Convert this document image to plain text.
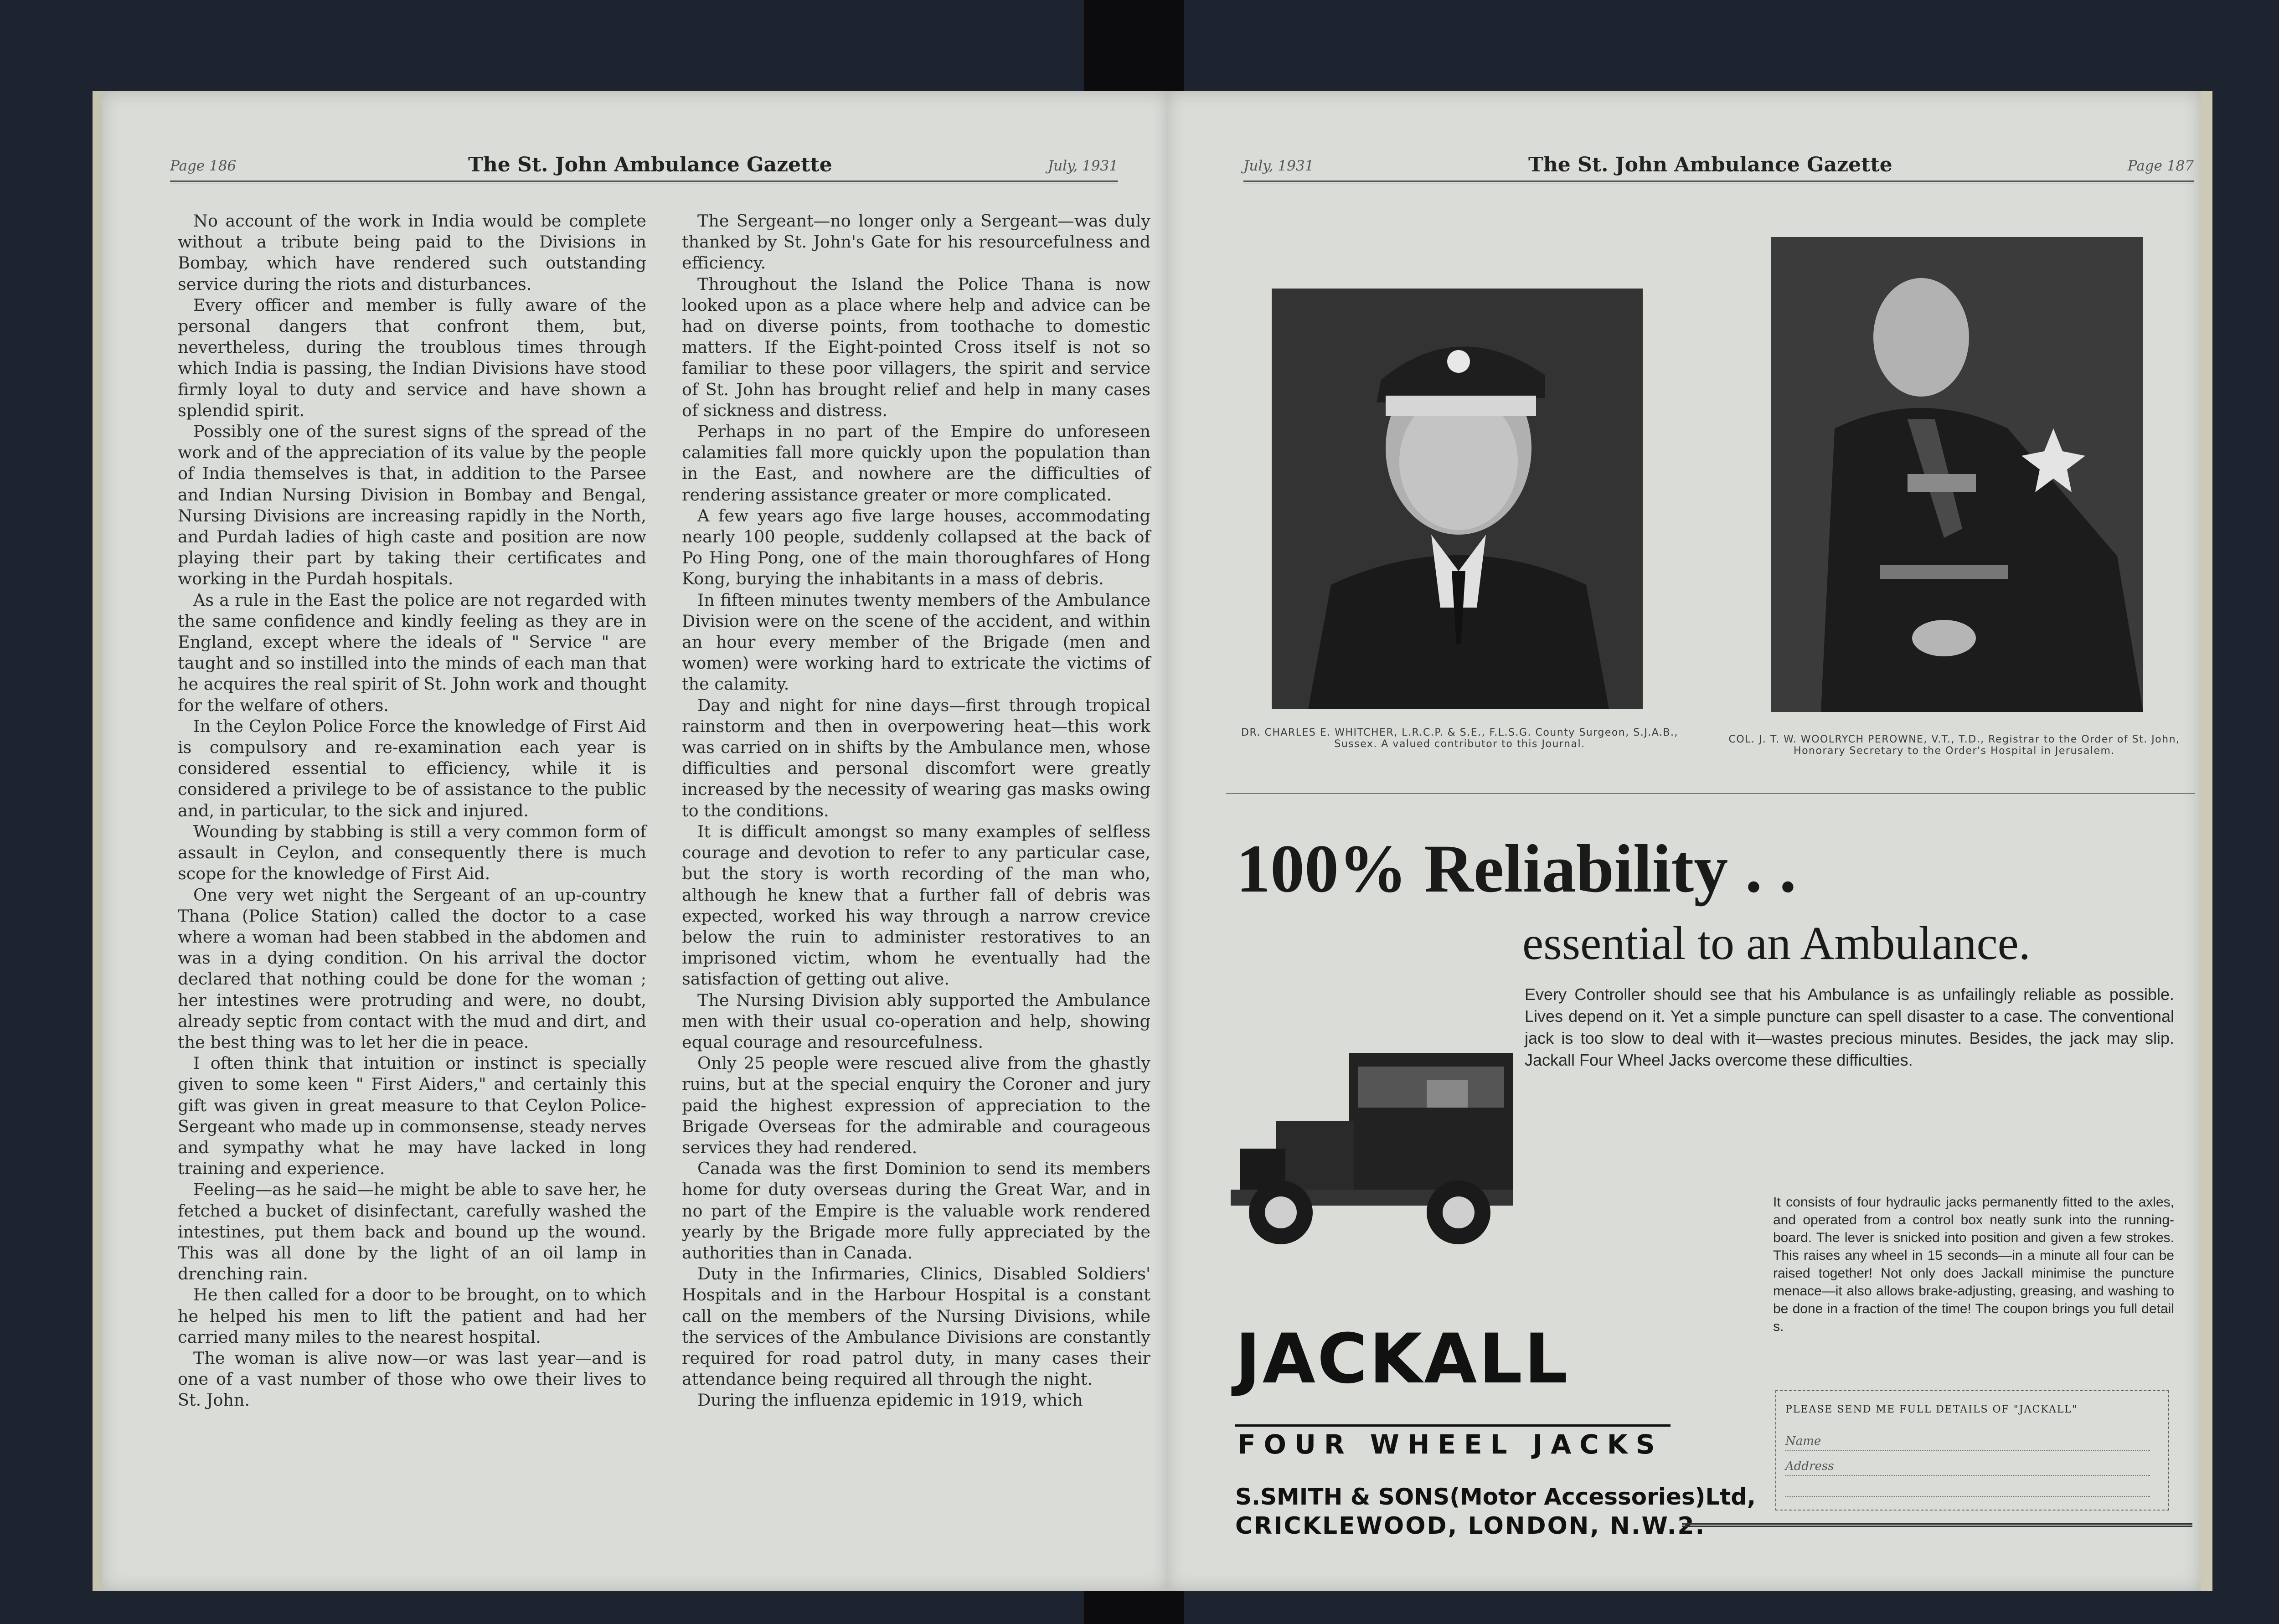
Page 186	The St. John Ambulance Gazette	July, 1931

No account of the work in India would be complete without a tribute being paid to the Divisions in Bombay, which have rendered such outstanding service during the riots and disturbances.

Every officer and member is fully aware of the personal dangers that confront them, but, nevertheless, during the troublous times through which India is passing, the Indian Divisions have stood firmly loyal to duty and service and have shown a splendid spirit.

Possibly one of the surest signs of the spread of the work and of the appreciation of its value by the people of India themselves is that, in addition to the Parsee and Indian Nursing Division in Bombay and Bengal, Nursing Divisions are increasing rapidly in the North, and Purdah ladies of high caste and position are now playing their part by taking their certificates and working in the Purdah hospitals.

As a rule in the East the police are not regarded with the same confidence and kindly feeling as they are in England, except where the ideals of " Service " are taught and so instilled into the minds of each man that he acquires the real spirit of St. John work and thought for the welfare of others.

In the Ceylon Police Force the knowledge of First Aid is compulsory and re-examination each year is considered essential to efficiency, while it is considered a privilege to be of assistance to the public and, in particular, to the sick and injured.

Wounding by stabbing is still a very common form of assault in Ceylon, and consequently there is much scope for the knowledge of First Aid.

One very wet night the Sergeant of an up-country Thana (Police Station) called the doctor to a case where a woman had been stabbed in the abdomen and was in a dying condition. On his arrival the doctor declared that nothing could be done for the woman ; her intestines were protruding and were, no doubt, already septic from contact with the mud and dirt, and the best thing was to let her die in peace.

I often think that intuition or instinct is specially given to some keen " First Aiders," and certainly this gift was given in great measure to that Ceylon Police-Sergeant who made up in commonsense, steady nerves and sympathy what he may have lacked in long training and experience.

Feeling—as he said—he might be able to save her, he fetched a bucket of disinfectant, carefully washed the intestines, put them back and bound up the wound. This was all done by the light of an oil lamp in drenching rain.

He then called for a door to be brought, on to which he helped his men to lift the patient and had her carried many miles to the nearest hospital.

The woman is alive now—or was last year—and is one of a vast number of those who owe their lives to St. John.

The Sergeant—no longer only a Sergeant—was duly thanked by St. John's Gate for his resourcefulness and efficiency.

Throughout the Island the Police Thana is now looked upon as a place where help and advice can be had on diverse points, from toothache to domestic matters. If the Eight-pointed Cross itself is not so familiar to these poor villagers, the spirit and service of St. John has brought relief and help in many cases of sickness and distress.

Perhaps in no part of the Empire do unforeseen calamities fall more quickly upon the population than in the East, and nowhere are the difficulties of rendering assistance greater or more complicated.

A few years ago five large houses, accommodating nearly 100 people, suddenly collapsed at the back of Po Hing Pong, one of the main thoroughfares of Hong Kong, burying the inhabitants in a mass of debris.

In fifteen minutes twenty members of the Ambulance Division were on the scene of the accident, and within an hour every member of the Brigade (men and women) were working hard to extricate the victims of the calamity.

Day and night for nine days—first through tropical rainstorm and then in overpowering heat—this work was carried on in shifts by the Ambulance men, whose difficulties and personal discomfort were greatly increased by the necessity of wearing gas masks owing to the conditions.

It is difficult amongst so many examples of selfless courage and devotion to refer to any particular case, but the story is worth recording of the man who, although he knew that a further fall of debris was expected, worked his way through a narrow crevice below the ruin to administer restoratives to an imprisoned victim, whom he eventually had the satisfaction of getting out alive.

The Nursing Division ably supported the Ambulance men with their usual co-operation and help, showing equal courage and resourcefulness.

Only 25 people were rescued alive from the ghastly ruins, but at the special enquiry the Coroner and jury paid the highest expression of appreciation to the Brigade Overseas for the admirable and courageous services they had rendered.

Canada was the first Dominion to send its members home for duty overseas during the Great War, and in no part of the Empire is the valuable work rendered yearly by the Brigade more fully appreciated by the authorities than in Canada.

Duty in the Infirmaries, Clinics, Disabled Soldiers' Hospitals and in the Harbour Hospital is a constant call on the members of the Nursing Divisions, while the services of the Ambulance Divisions are constantly required for road patrol duty, in many cases their attendance being required all through the night.

During the influenza epidemic in 1919, which

July, 1931	The St. John Ambulance Gazette	Page 187
DR. CHARLES E. WHITCHER, L.R.C.P. & S.E., F.L.S.G. County Surgeon, S.J.A.B., Sussex. A valued contributor to this Journal.	COL. J. T. W. WOOLRYCH PEROWNE, V.T., T.D., Registrar to the Order of St. John, Honorary Secretary to the Order's Hospital in Jerusalem.
100% Reliability . .
essential to an Ambulance.
Every Controller should see that his Ambulance is as unfailingly reliable as possible. Lives depend on it. Yet a simple puncture can spell disaster to a case. The conventional jack is too slow to deal with it—wastes precious minutes. Besides, the jack may slip. Jackall Four Wheel Jacks overcome these difficulties.
It consists of four hydraulic jacks permanently fitted to the axles, and operated from a control box neatly sunk into the running-board. The lever is snicked into position and given a few strokes. This raises any wheel in 15 seconds—in a minute all four can be raised together! Not only does Jackall minimise the puncture menace—it also allows brake-adjusting, greasing, and washing to be done in a fraction of the time! The coupon brings you full detail s.
JACKALL
FOUR WHEEL JACKS
S.SMITH & SONS(Motor Accessories)Ltd,
CRICKLEWOOD, LONDON, N.W.2.
PLEASE SEND ME FULL DETAILS OF "JACKALL"
Name
Address
